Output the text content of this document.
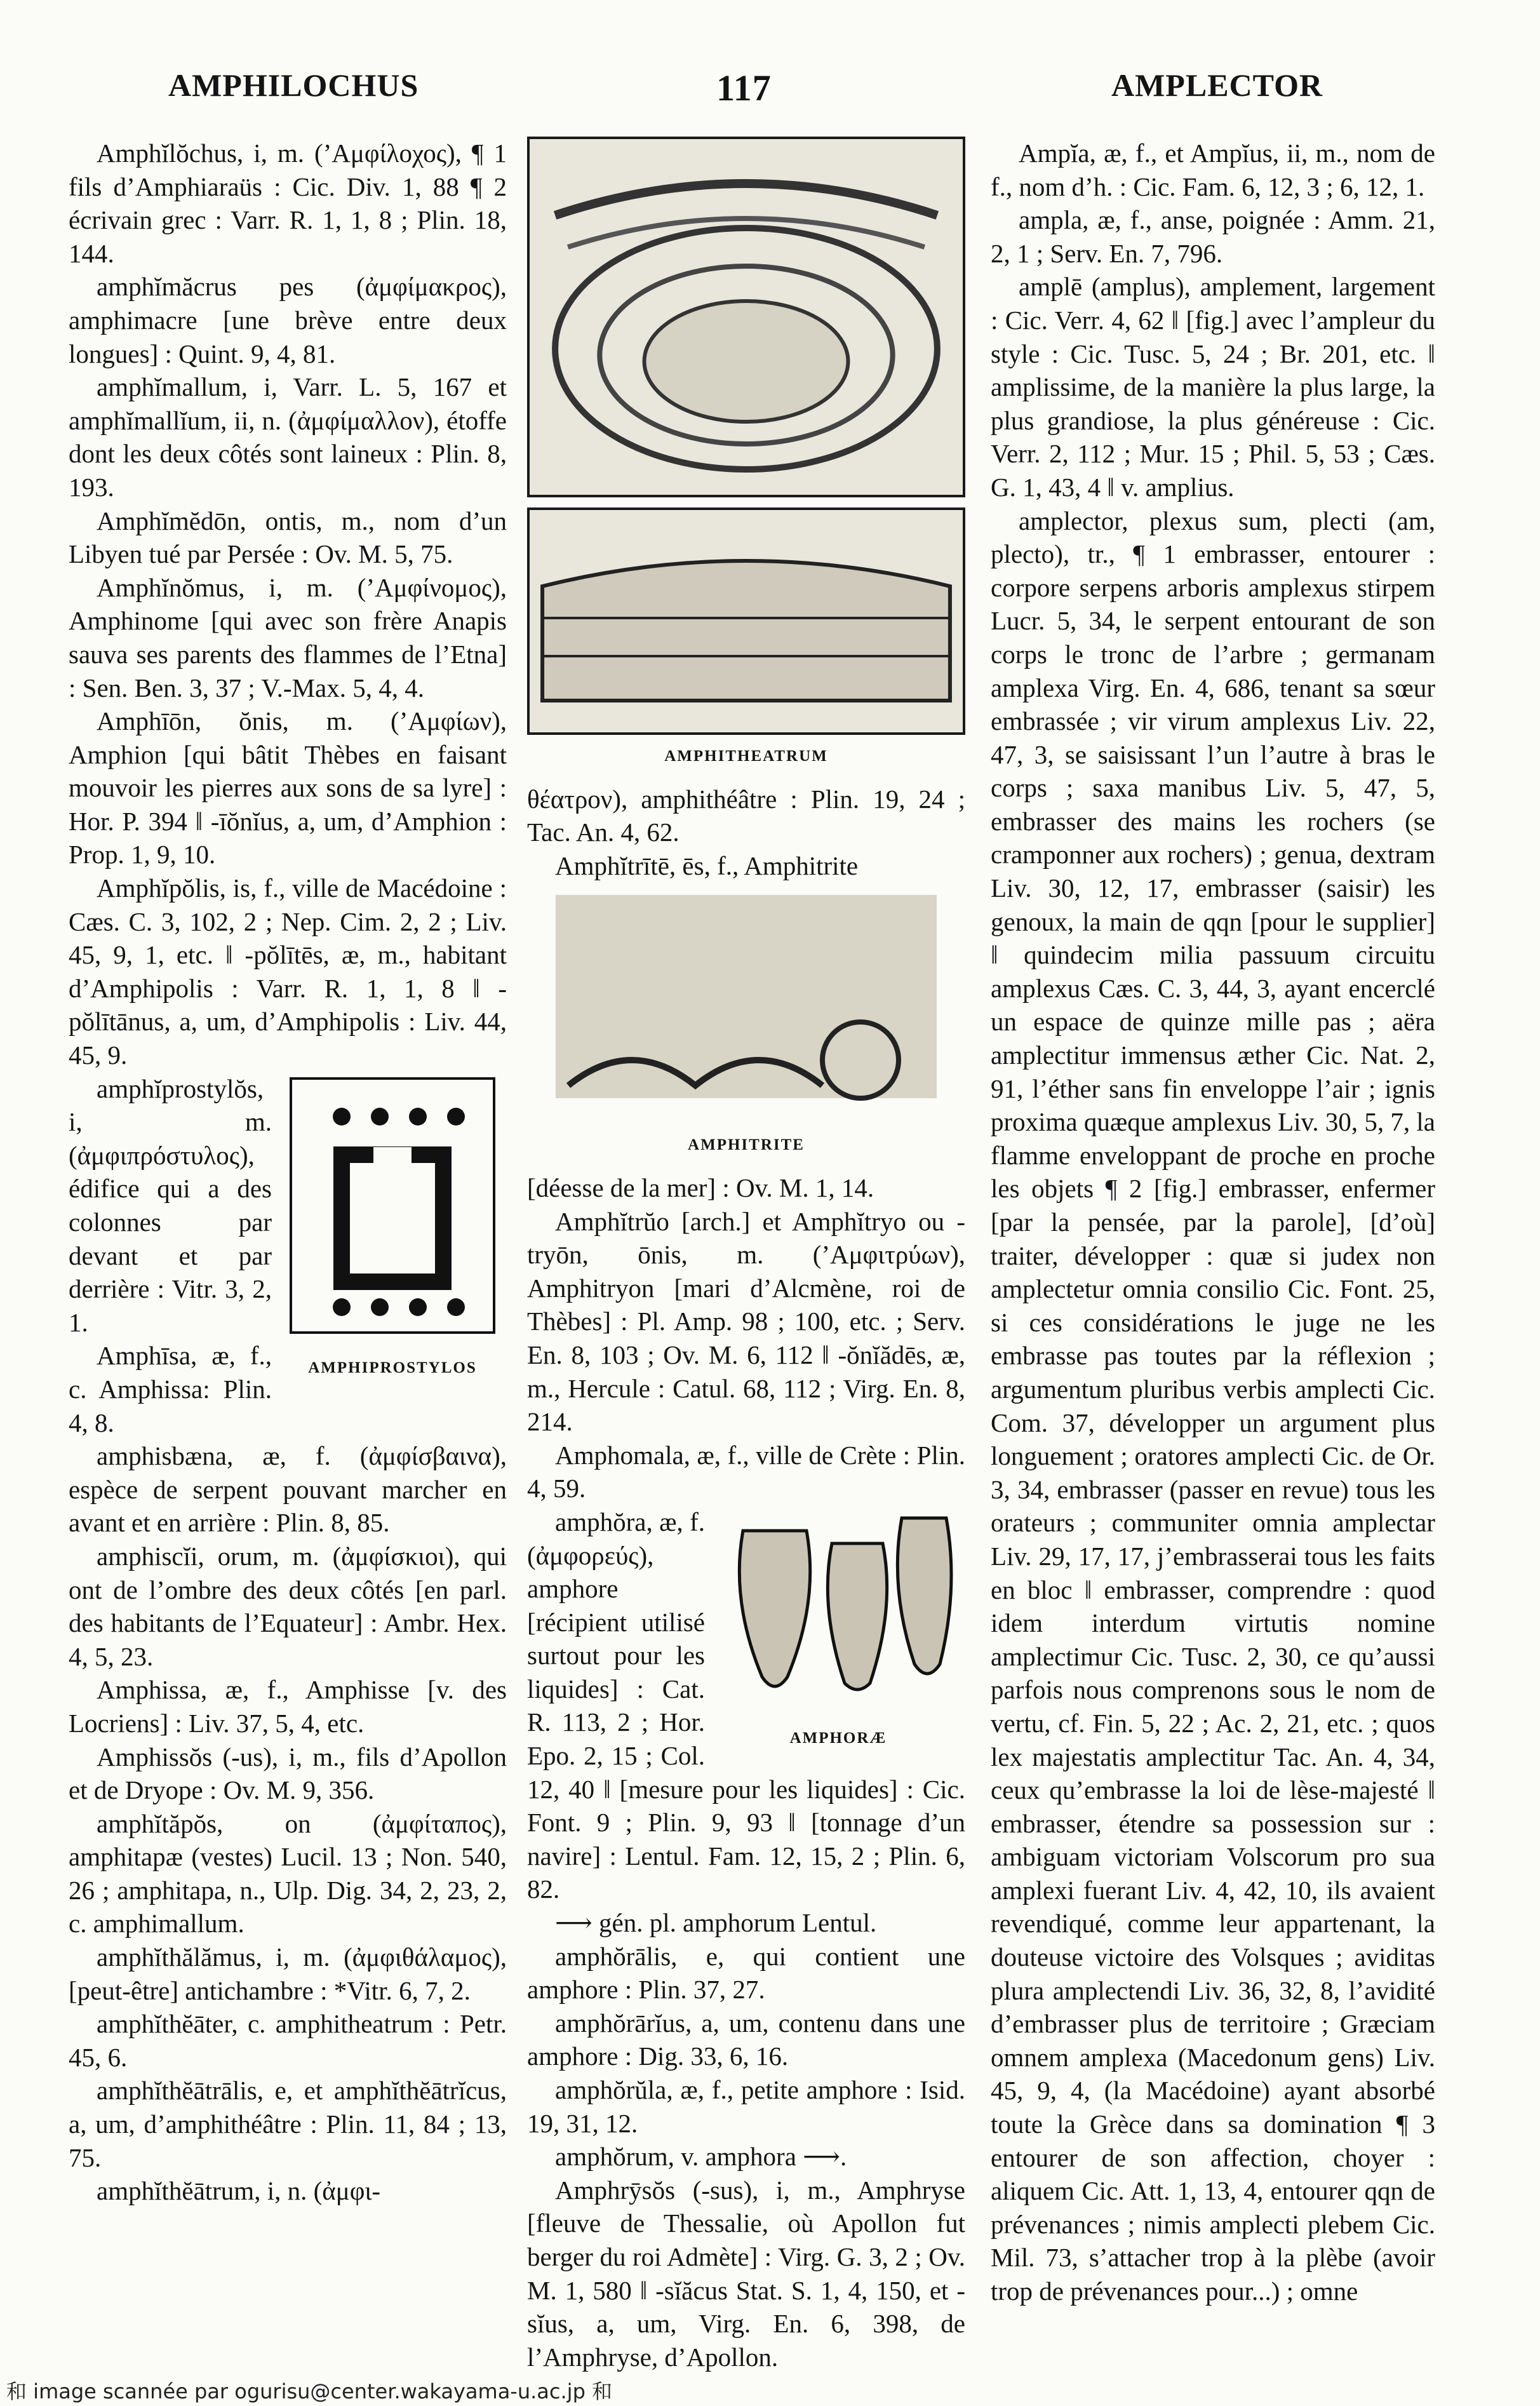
AMPHILOCHUS	117	AMPLECTOR

Amphĭlŏchus, i, m. (’Αμφίλοχος), ¶ 1 fils d’Amphiaraüs : Cic. Div. 1, 88 ¶ 2 écrivain grec : Varr. R. 1, 1, 8 ; Plin. 18, 144.

amphĭmăcrus pes (ἀμφίμακρος), amphimacre [une brève entre deux longues] : Quint. 9, 4, 81.

amphĭmallum, i, Varr. L. 5, 167 et amphĭmallĭum, ii, n. (ἀμφίμαλλον), étoffe dont les deux côtés sont laineux : Plin. 8, 193.

Amphĭmĕdōn, ontis, m., nom d’un Libyen tué par Persée : Ov. M. 5, 75.

Amphĭnŏmus, i, m. (’Αμφίνομος), Amphinome [qui avec son frère Anapis sauva ses parents des flammes de l’Etna] : Sen. Ben. 3, 37 ; V.-Max. 5, 4, 4.

Amphīōn, ŏnis, m. (’Αμφίων), Amphion [qui bâtit Thèbes en faisant mouvoir les pierres aux sons de sa lyre] : Hor. P. 394 ‖ -īŏnĭus, a, um, d’Amphion : Prop. 1, 9, 10.

Amphĭpŏlis, is, f., ville de Macédoine : Cæs. C. 3, 102, 2 ; Nep. Cim. 2, 2 ; Liv. 45, 9, 1, etc. ‖ -pŏlītēs, æ, m., habitant d’Amphipolis : Varr. R. 1, 1, 8 ‖ -pŏlītānus, a, um, d’Amphipolis : Liv. 44, 45, 9.

AMPHIPROSTYLOS

amphĭprostylŏs, i, m. (ἀμφιπρόστυλος), édifice qui a des colonnes par devant et par derrière : Vitr. 3, 2, 1.

Amphīsa, æ, f., c. Amphissa: Plin. 4, 8.

amphisbæna, æ, f. (ἀμφίσβαινα), espèce de serpent pouvant marcher en avant et en arrière : Plin. 8, 85.

amphiscĭi, orum, m. (ἀμφίσκιοι), qui ont de l’ombre des deux côtés [en parl. des habitants de l’Equateur] : Ambr. Hex. 4, 5, 23.

Amphissa, æ, f., Amphisse [v. des Locriens] : Liv. 37, 5, 4, etc.

Amphissŏs (-us), i, m., fils d’Apollon et de Dryope : Ov. M. 9, 356.

amphĭtăpŏs, on (ἀμφίταπος), amphitapæ (vestes) Lucil. 13 ; Non. 540, 26 ; amphitapa, n., Ulp. Dig. 34, 2, 23, 2, c. amphimallum.

amphĭthălămus, i, m. (ἀμφιθάλαμος), [peut-être] antichambre : *Vitr. 6, 7, 2.

amphĭthĕāter, c. amphitheatrum : Petr. 45, 6.

amphĭthĕātrālis, e, et amphĭthĕātrĭcus, a, um, d’amphithéâtre : Plin. 11, 84 ; 13, 75.

amphĭthĕātrum, i, n. (ἀμφι-

AMPHITHEATRUM

θέατρον), amphithéâtre : Plin. 19, 24 ; Tac. An. 4, 62.

Amphĭtrītē, ēs, f., Amphitrite

AMPHITRITE

[déesse de la mer] : Ov. M. 1, 14.

Amphĭtrŭo [arch.] et Amphĭtryo ou -tryōn, ōnis, m. (’Αμφιτρύων), Amphitryon [mari d’Alcmène, roi de Thèbes] : Pl. Amp. 98 ; 100, etc. ; Serv. En. 8, 103 ; Ov. M. 6, 112 ‖ -ŏnĭădēs, æ, m., Hercule : Catul. 68, 112 ; Virg. En. 8, 214.

Amphomala, æ, f., ville de Crète : Plin. 4, 59.

AMPHORÆ

amphŏra, æ, f. (ἀμφορεύς), amphore [récipient utilisé surtout pour les liquides] : Cat. R. 113, 2 ; Hor. Epo. 2, 15 ; Col. 12, 40 ‖ [mesure pour les liquides] : Cic. Font. 9 ; Plin. 9, 93 ‖ [tonnage d’un navire] : Lentul. Fam. 12, 15, 2 ; Plin. 6, 82.

⟶ gén. pl. amphorum Lentul.

amphŏrālis, e, qui contient une amphore : Plin. 37, 27.

amphŏrārĭus, a, um, contenu dans une amphore : Dig. 33, 6, 16.

amphŏrŭla, æ, f., petite amphore : Isid. 19, 31, 12.

amphŏrum, v. amphora ⟶.

Amphrȳsŏs (-sus), i, m., Amphryse [fleuve de Thessalie, où Apollon fut berger du roi Admète] : Virg. G. 3, 2 ; Ov. M. 1, 580 ‖ -sĭăcus Stat. S. 1, 4, 150, et -sĭus, a, um, Virg. En. 6, 398, de l’Amphryse, d’Apollon.

Ampĭa, æ, f., et Ampĭus, ii, m., nom de f., nom d’h. : Cic. Fam. 6, 12, 3 ; 6, 12, 1.

ampla, æ, f., anse, poignée : Amm. 21, 2, 1 ; Serv. En. 7, 796.

amplē (amplus), amplement, largement : Cic. Verr. 4, 62 ‖ [fig.] avec l’ampleur du style : Cic. Tusc. 5, 24 ; Br. 201, etc. ‖ amplissime, de la manière la plus large, la plus grandiose, la plus généreuse : Cic. Verr. 2, 112 ; Mur. 15 ; Phil. 5, 53 ; Cæs. G. 1, 43, 4 ‖ v. amplius.

amplector, plexus sum, plecti (am, plecto), tr., ¶ 1 embrasser, entourer : corpore serpens arboris amplexus stirpem Lucr. 5, 34, le serpent entourant de son corps le tronc de l’arbre ; germanam amplexa Virg. En. 4, 686, tenant sa sœur embrassée ; vir virum amplexus Liv. 22, 47, 3, se saisissant l’un l’autre à bras le corps ; saxa manibus Liv. 5, 47, 5, embrasser des mains les rochers (se cramponner aux rochers) ; genua, dextram Liv. 30, 12, 17, embrasser (saisir) les genoux, la main de qqn [pour le supplier] ‖ quindecim milia passuum circuitu amplexus Cæs. C. 3, 44, 3, ayant encerclé un espace de quinze mille pas ; aëra amplectitur immensus æther Cic. Nat. 2, 91, l’éther sans fin enveloppe l’air ; ignis proxima quæque amplexus Liv. 30, 5, 7, la flamme enveloppant de proche en proche les objets ¶ 2 [fig.] embrasser, enfermer [par la pensée, par la parole], [d’où] traiter, développer : quæ si judex non amplectetur omnia consilio Cic. Font. 25, si ces considérations le juge ne les embrasse pas toutes par la réflexion ; argumentum pluribus verbis amplecti Cic. Com. 37, développer un argument plus longuement ; oratores amplecti Cic. de Or. 3, 34, embrasser (passer en revue) tous les orateurs ; communiter omnia amplectar Liv. 29, 17, 17, j’embrasserai tous les faits en bloc ‖ embrasser, comprendre : quod idem interdum virtutis nomine amplectimur Cic. Tusc. 2, 30, ce qu’aussi parfois nous comprenons sous le nom de vertu, cf. Fin. 5, 22 ; Ac. 2, 21, etc. ; quos lex majestatis amplectitur Tac. An. 4, 34, ceux qu’embrasse la loi de lèse-majesté ‖ embrasser, étendre sa possession sur : ambiguam victoriam Volscorum pro sua amplexi fuerant Liv. 4, 42, 10, ils avaient revendiqué, comme leur appartenant, la douteuse victoire des Volsques ; aviditas plura amplectendi Liv. 36, 32, 8, l’avidité d’embrasser plus de territoire ; Græciam omnem amplexa (Macedonum gens) Liv. 45, 9, 4, (la Macédoine) ayant absorbé toute la Grèce dans sa domination ¶ 3 entourer de son affection, choyer : aliquem Cic. Att. 1, 13, 4, entourer qqn de prévenances ; nimis amplecti plebem Cic. Mil. 73, s’attacher trop à la plèbe (avoir trop de prévenances pour...) ; omne

和 image scannée par ogurisu@center.wakayama-u.ac.jp 和
